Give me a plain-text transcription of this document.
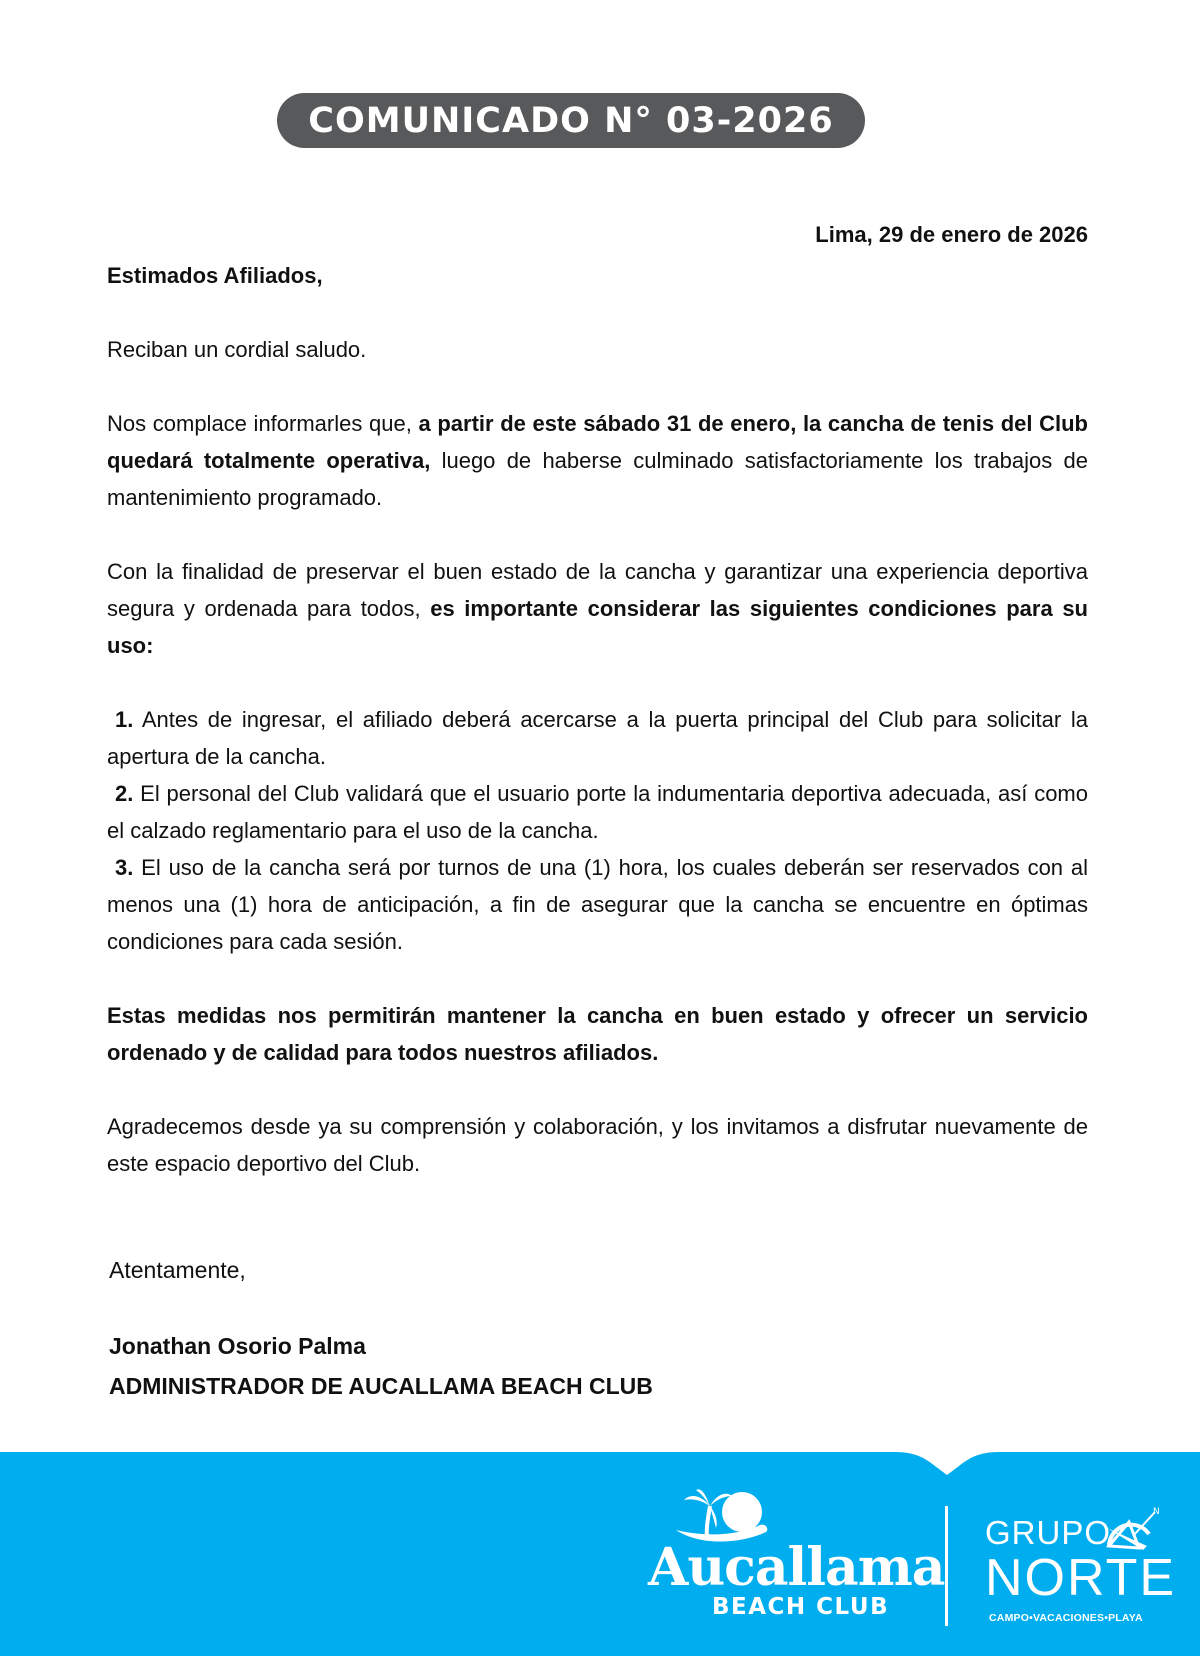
COMUNICADO N° 03-2026
Lima, 29 de enero de 2026

Estimados Afiliados,

Reciban un cordial saludo.

Nos complace informarles que, a partir de este sábado 31 de enero, la cancha de tenis del Club quedará totalmente operativa, luego de haberse culminado satisfactoriamente los trabajos de mantenimiento programado.

Con la finalidad de preservar el buen estado de la cancha y garantizar una experiencia deportiva segura y ordenada para todos, es importante considerar las siguientes condiciones para su uso:

1. Antes de ingresar, el afiliado deberá acercarse a la puerta principal del Club para solicitar la apertura de la cancha.

2. El personal del Club validará que el usuario porte la indumentaria deportiva adecuada, así como el calzado reglamentario para el uso de la cancha.

3. El uso de la cancha será por turnos de una (1) hora, los cuales deberán ser reservados con al menos una (1) hora de anticipación, a fin de asegurar que la cancha se encuentre en óptimas condiciones para cada sesión.

Estas medidas nos permitirán mantener la cancha en buen estado y ofrecer un servicio ordenado y de calidad para todos nuestros afiliados.

Agradecemos desde ya su comprensión y colaboración, y los invitamos a disfrutar nuevamente de este espacio deportivo del Club.

Atentamente,
Jonathan Osorio Palma
ADMINISTRADOR DE AUCALLAMA BEACH CLUB
Aucallama
BEACH CLUB
GRUPO
N
NORTE
CAMPO•VACACIONES•PLAYA
